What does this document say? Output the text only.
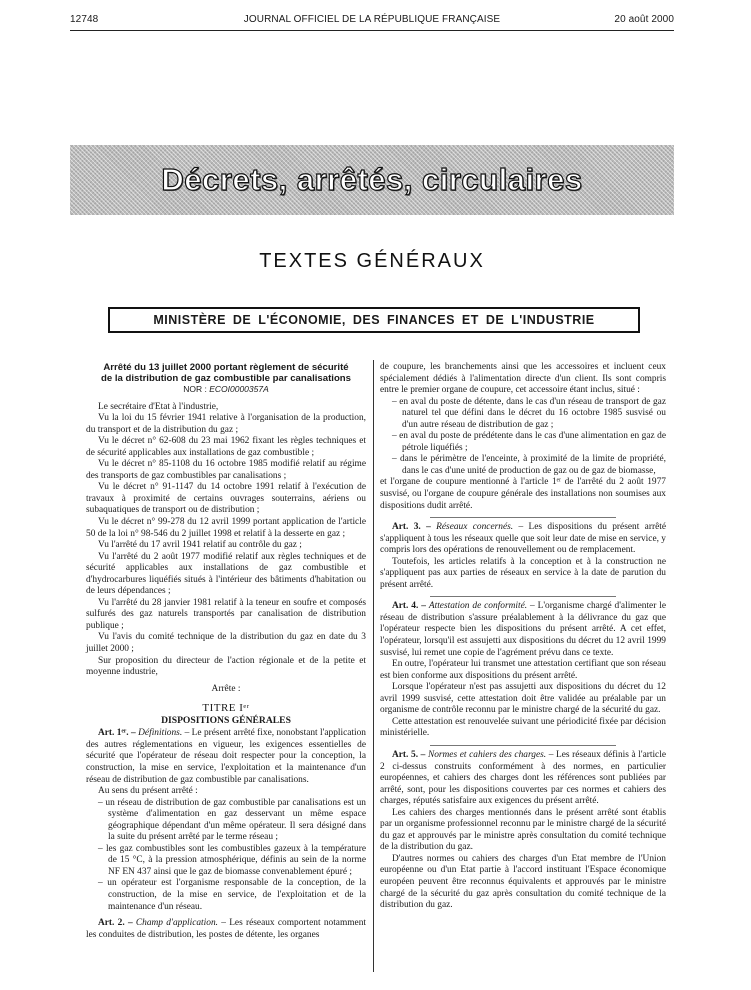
12748	JOURNAL OFFICIEL DE LA RÉPUBLIQUE FRANÇAISE	20 août 2000
Décrets, arrêtés, circulaires
TEXTES GÉNÉRAUX
MINISTÈRE DE L'ÉCONOMIE, DES FINANCES ET DE L'INDUSTRIE
Arrêté du 13 juillet 2000 portant règlement de sécurité
de la distribution de gaz combustible par canalisations
NOR : ECOI0000357A

Le secrétaire d'Etat à l'industrie,

Vu la loi du 15 février 1941 relative à l'organisation de la production, du transport et de la distribution du gaz ;

Vu le décret n° 62-608 du 23 mai 1962 fixant les règles techniques et de sécurité applicables aux installations de gaz combustible ;

Vu le décret n° 85-1108 du 16 octobre 1985 modifié relatif au régime des transports de gaz combustibles par canalisations ;

Vu le décret n° 91-1147 du 14 octobre 1991 relatif à l'exécution de travaux à proximité de certains ouvrages souterrains, aériens ou subaquatiques de transport ou de distribution ;

Vu le décret n° 99-278 du 12 avril 1999 portant application de l'article 50 de la loi n° 98-546 du 2 juillet 1998 et relatif à la desserte en gaz ;

Vu l'arrêté du 17 avril 1941 relatif au contrôle du gaz ;

Vu l'arrêté du 2 août 1977 modifié relatif aux règles techniques et de sécurité applicables aux installations de gaz combustible et d'hydrocarbures liquéfiés situés à l'intérieur des bâtiments d'habitation ou de leurs dépendances ;

Vu l'arrêté du 28 janvier 1981 relatif à la teneur en soufre et composés sulfurés des gaz naturels transportés par canalisation de distribution publique ;

Vu l'avis du comité technique de la distribution du gaz en date du 3 juillet 2000 ;

Sur proposition du directeur de l'action régionale et de la petite et moyenne industrie,

Arrête :

TITRE Iᵉʳ

DISPOSITIONS GÉNÉRALES

Art. 1ᵉʳ. – Définitions. – Le présent arrêté fixe, nonobstant l'application des autres réglementations en vigueur, les exigences essentielles de sécurité que l'opérateur de réseau doit respecter pour la conception, la construction, la mise en service, l'exploitation et la maintenance d'un réseau de distribution de gaz combustible par canalisations.

Au sens du présent arrêté :

– un réseau de distribution de gaz combustible par canalisations est un système d'alimentation en gaz desservant un même espace géographique dépendant d'un même opérateur. Il sera désigné dans la suite du présent arrêté par le terme réseau ;
– les gaz combustibles sont les combustibles gazeux à la température de 15 °C, à la pression atmosphérique, définis au sein de la norme NF EN 437 ainsi que le gaz de biomasse convenablement épuré ;
– un opérateur est l'organisme responsable de la conception, de la construction, de la mise en service, de l'exploitation et de la maintenance d'un réseau.

Art. 2. – Champ d'application. – Les réseaux comportent notamment les conduites de distribution, les postes de détente, les organes

de coupure, les branchements ainsi que les accessoires et incluent ceux spécialement dédiés à l'alimentation directe d'un client. Ils sont compris entre le premier organe de coupure, cet accessoire étant inclus, situé :

– en aval du poste de détente, dans le cas d'un réseau de transport de gaz naturel tel que défini dans le décret du 16 octobre 1985 susvisé ou d'un autre réseau de distribution de gaz ;
– en aval du poste de prédétente dans le cas d'une alimentation en gaz de pétrole liquéfiés ;
– dans le périmètre de l'enceinte, à proximité de la limite de propriété, dans le cas d'une unité de production de gaz ou de gaz de biomasse,

et l'organe de coupure mentionné à l'article 1ᵉʳ de l'arrêté du 2 août 1977 susvisé, ou l'organe de coupure générale des installations non soumises aux dispositions dudit arrêté.

Art. 3. – Réseaux concernés. – Les dispositions du présent arrêté s'appliquent à tous les réseaux quelle que soit leur date de mise en service, y compris lors des opérations de renouvellement ou de remplacement.

Toutefois, les articles relatifs à la conception et à la construction ne s'appliquent pas aux parties de réseaux en service à la date de parution du présent arrêté.

Art. 4. – Attestation de conformité. – L'organisme chargé d'alimenter le réseau de distribution s'assure préalablement à la délivrance du gaz que l'opérateur respecte bien les dispositions du présent arrêté. A cet effet, l'opérateur, lorsqu'il est assujetti aux dispositions du décret du 12 avril 1999 susvisé, lui remet une copie de l'agrément prévu dans ce texte.

En outre, l'opérateur lui transmet une attestation certifiant que son réseau est bien conforme aux dispositions du présent arrêté.

Lorsque l'opérateur n'est pas assujetti aux dispositions du décret du 12 avril 1999 susvisé, cette attestation doit être validée au préalable par un organisme de contrôle reconnu par le ministre chargé de la sécurité du gaz.

Cette attestation est renouvelée suivant une périodicité fixée par décision ministérielle.

Art. 5. – Normes et cahiers des charges. – Les réseaux définis à l'article 2 ci-dessus construits conformément à des normes, en particulier européennes, et cahiers des charges dont les références sont publiées par arrêté, sont, pour les dispositions couvertes par ces normes et cahiers des charges, réputés satisfaire aux exigences du présent arrêté.

Les cahiers des charges mentionnés dans le présent arrêté sont établis par un organisme professionnel reconnu par le ministre chargé de la sécurité du gaz et approuvés par le ministre après consultation du comité technique de la distribution du gaz.

D'autres normes ou cahiers des charges d'un Etat membre de l'Union européenne ou d'un Etat partie à l'accord instituant l'Espace économique européen peuvent être reconnus équivalents et approuvés par le ministre chargé de la sécurité du gaz après consultation du comité technique de la distribution du gaz.
